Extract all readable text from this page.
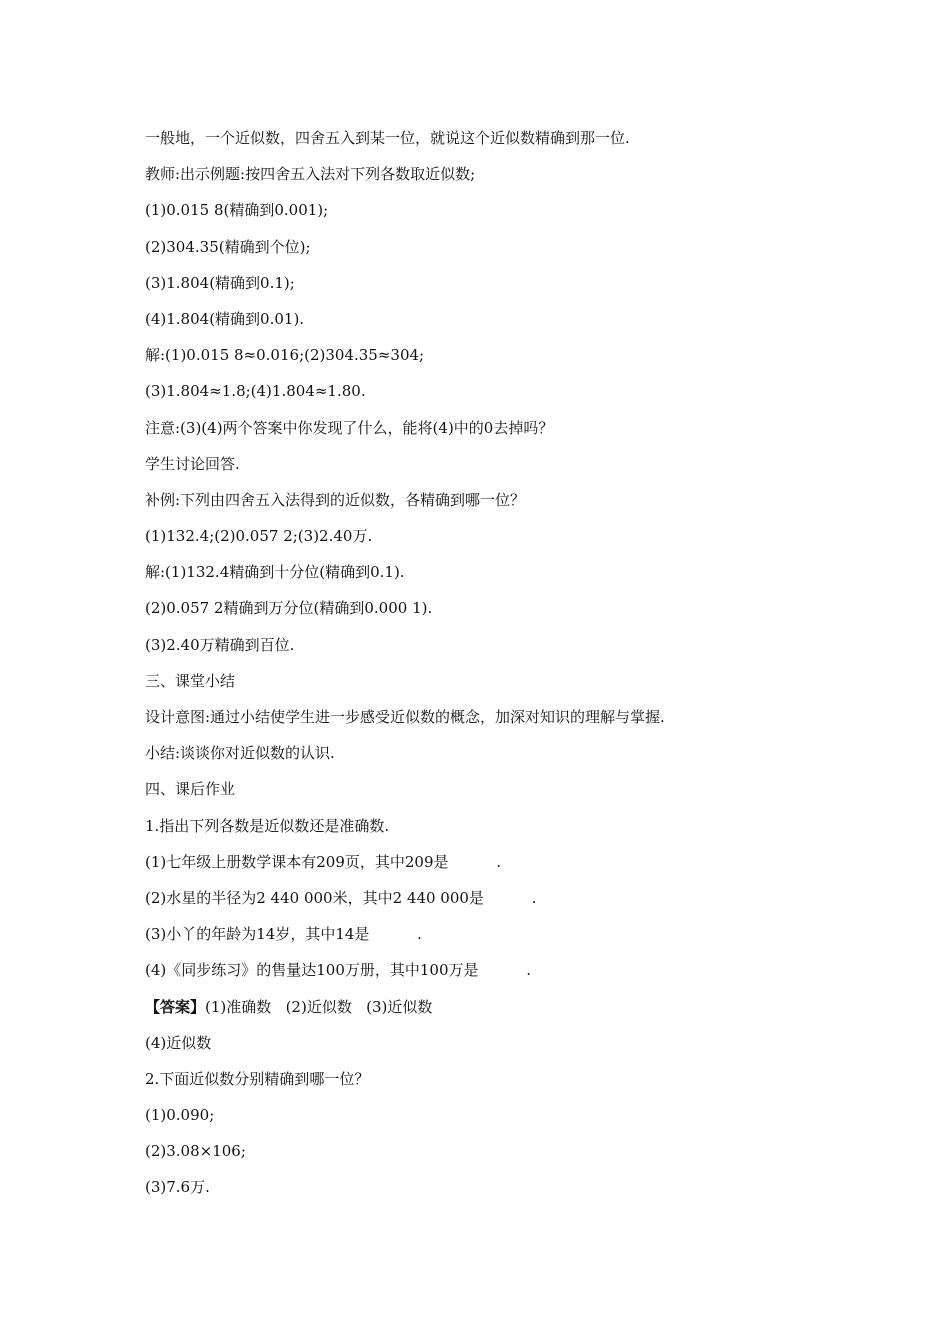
一般地，一个近似数，四舍五入到某一位，就说这个近似数精确到那一位.
教师:出示例题:按四舍五入法对下列各数取近似数;
(1)0.015 8(精确到0.001);
(2)304.35(精确到个位);
(3)1.804(精确到0.1);
(4)1.804(精确到0.01).
解:(1)0.015 8≈0.016;(2)304.35≈304;
(3)1.804≈1.8;(4)1.804≈1.80.
注意:(3)(4)两个答案中你发现了什么，能将(4)中的0去掉吗？
学生讨论回答.
补例:下列由四舍五入法得到的近似数，各精确到哪一位？
(1)132.4;(2)0.057 2;(3)2.40万.
解:(1)132.4精确到十分位(精确到0.1).
(2)0.057 2精确到万分位(精确到0.000 1).
(3)2.40万精确到百位.
三、课堂小结
设计意图:通过小结使学生进一步感受近似数的概念，加深对知识的理解与掌握.
小结:谈谈你对近似数的认识.
四、课后作业
1.指出下列各数是近似数还是准确数.
(1)七年级上册数学课本有209页，其中209是          .
(2)水星的半径为2 440 000米，其中2 440 000是          .
(3)小丫的年龄为14岁，其中14是          .
(4)《同步练习》的售量达100万册，其中100万是          .
【答案】(1)准确数   (2)近似数   (3)近似数
(4)近似数
2.下面近似数分别精确到哪一位？
(1)0.090;
(2)3.08×106;
(3)7.6万.
